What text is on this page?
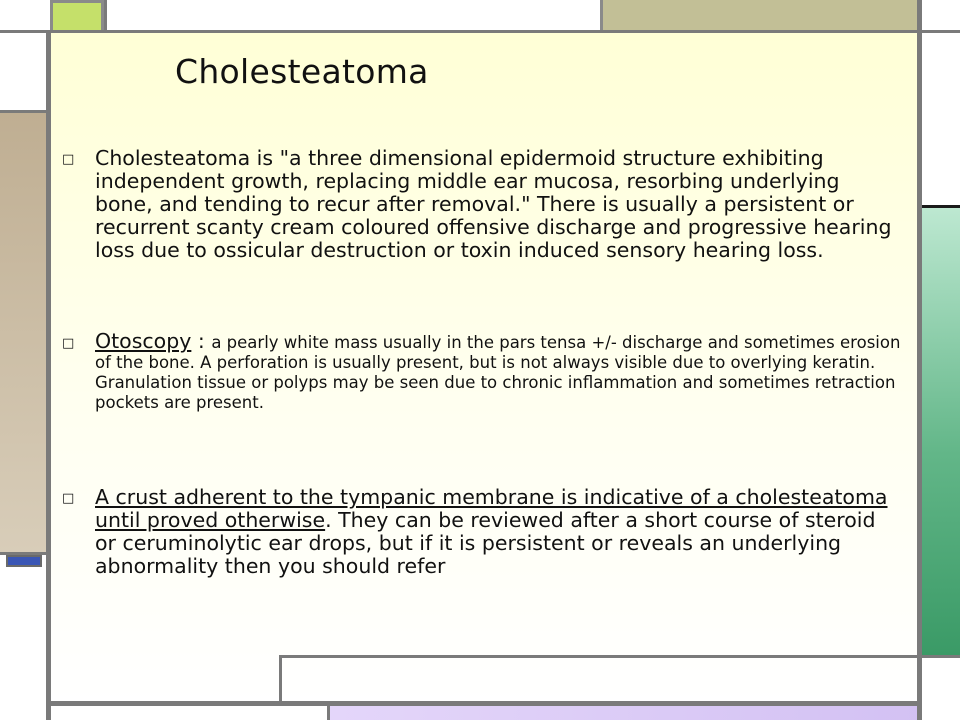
Cholesteatoma
□ Cholesteatoma is "a three dimensional epidermoid structure exhibiting independent growth, replacing middle ear mucosa, resorbing underlying bone, and tending to recur after removal." There is usually a persistent or recurrent scanty cream coloured offensive discharge and progressive hearing loss due to ossicular destruction or toxin induced sensory hearing loss.
□ Otoscopy : a pearly white mass usually in the pars tensa +/- discharge and sometimes erosion of the bone. A perforation is usually present, but is not always visible due to overlying keratin. Granulation tissue or polyps may be seen due to chronic inflammation and sometimes retraction pockets are present.
□ A crust adherent to the tympanic membrane is indicative of a cholesteatoma until proved otherwise. They can be reviewed after a short course of steroid or ceruminolytic ear drops, but if it is persistent or reveals an underlying abnormality then you should refer
